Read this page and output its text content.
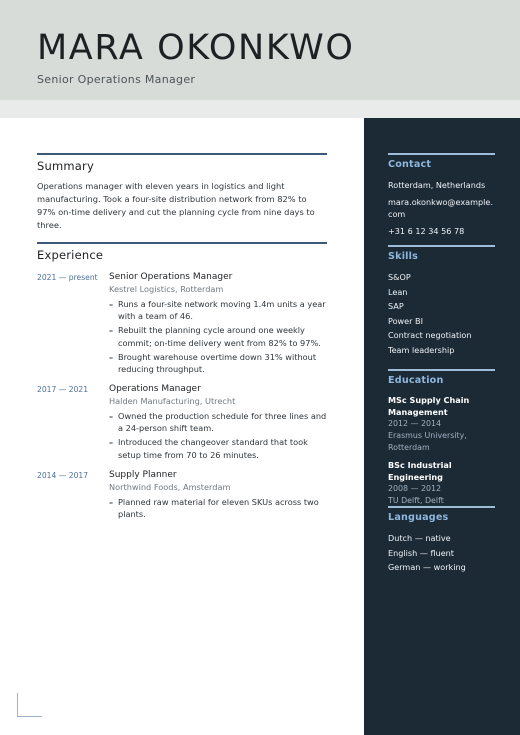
MARA OKONKWO
Senior Operations Manager
Summary

Operations manager with eleven years in logistics and light manufacturing. Took a four-site distribution network from 82% to 97% on-time delivery and cut the planning cycle from nine days to three.

Experience
2021 — present	Senior Operations Manager
Kestrel Logistics, Rotterdam
– Runs a four-site network moving 1.4m units a year with a team of 46.
– Rebuilt the planning cycle around one weekly commit; on-time delivery went from 82% to 97%.
– Brought warehouse overtime down 31% without reducing throughput.
2017 — 2021	Operations Manager
Halden Manufacturing, Utrecht
– Owned the production schedule for three lines and a 24-person shift team.
– Introduced the changeover standard that took setup time from 70 to 26 minutes.
2014 — 2017	Supply Planner
Northwind Foods, Amsterdam
– Planned raw material for eleven SKUs across two plants.
Contact
Rotterdam, Netherlands
mara.okonkwo@example.com
+31 6 12 34 56 78
Skills
S&OP
Lean
SAP
Power BI
Contract negotiation
Team leadership
Education
MSc Supply Chain Management
2012 — 2014
Erasmus University, Rotterdam
BSc Industrial Engineering
2008 — 2012
TU Delft, Delft
Languages
Dutch — native
English — fluent
German — working
